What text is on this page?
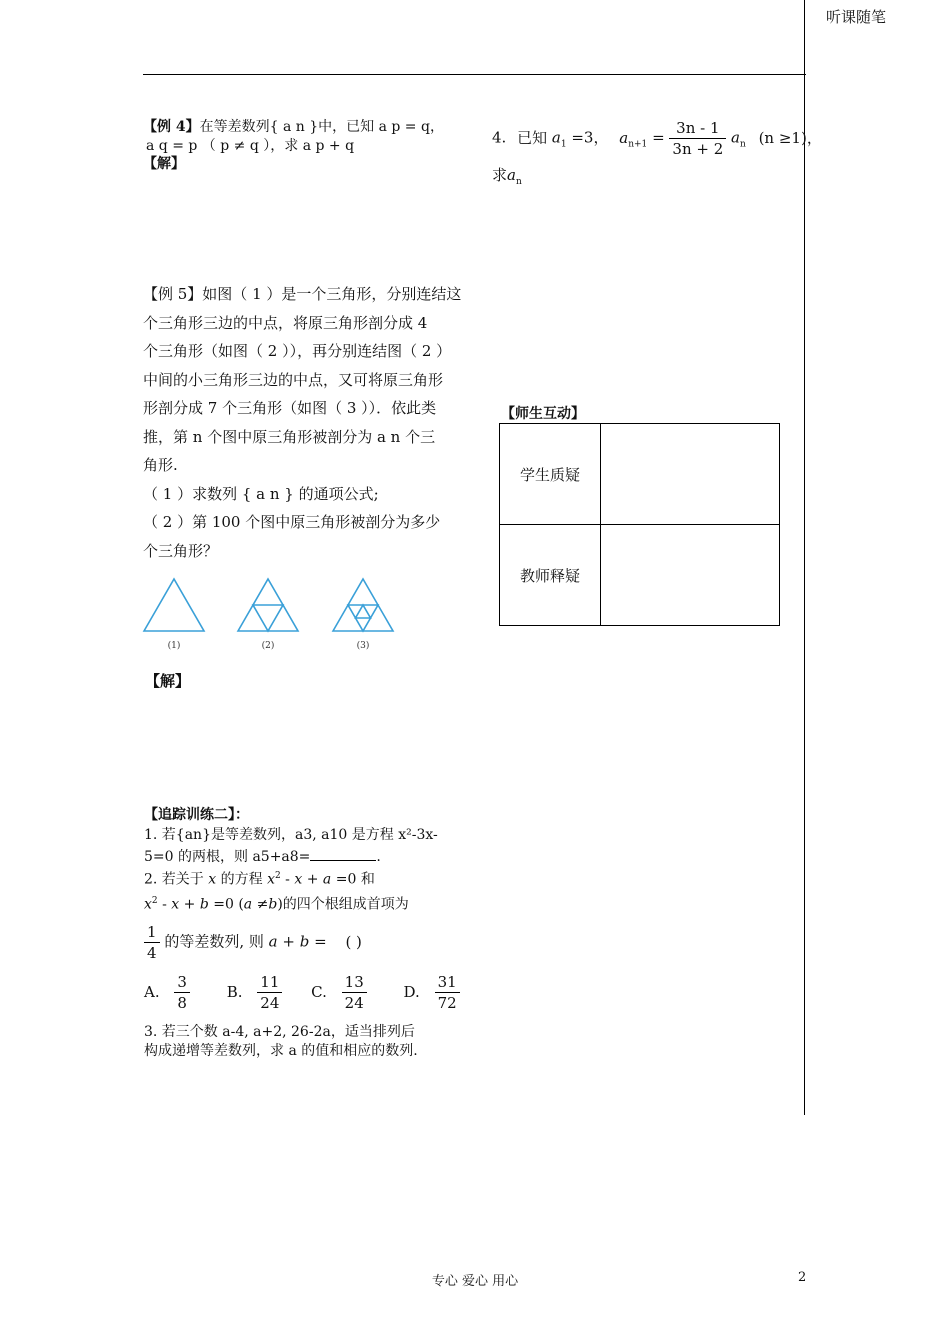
听课随笔
【例 4】在等差数列{ a n }中，已知 a p = q，
a q = p （ p ≠ q ），求 a p + q
【解】
4. 已知 $a_1 =3$， $a_{n+1} = \frac{3n - 1}{3n + 2} a_n$ (n ≥1)，
求$a_n$
【例 5】如图（ 1 ）是一个三角形，分别连结这
个三角形三边的中点，将原三角形剖分成 4
个三角形（如图（ 2 ）），再分别连结图（ 2 ）
中间的小三角形三边的中点，又可将原三角形
形剖分成 7 个三角形（如图（ 3 ））．依此类
推，第 n 个图中原三角形被剖分为 a n 个三
角形.
（ 1 ）求数列 { a n } 的通项公式;
（ 2 ）第 100 个图中原三角形被剖分为多少
个三角形？
(1)	(2)	(3)
【解】
【师生互动】
学生质疑	
教师释疑	
【追踪训练二】：
1. 若{an}是等差数列，a3, a10 是方程 x²-3x-
5=0 的两根，则 a5+a8=	.
2. 若关于 x 的方程 $x^2 - x + a =0$ 和
$x^2 - x + b =0$ (a ≠b)的四个根组成首项为
$\frac{1}{4}$ 的等差数列, 则 a + b = ( )
A. $\frac{3}{8} B$. $\frac{11}{24} C$. $\frac{13}{24} D$. $\frac{31}{72}$
3. 若三个数 a-4, a+2, 26-2a，适当排列后
构成递增等差数列，求 a 的值和相应的数列.
专心 爱心 用心	2
